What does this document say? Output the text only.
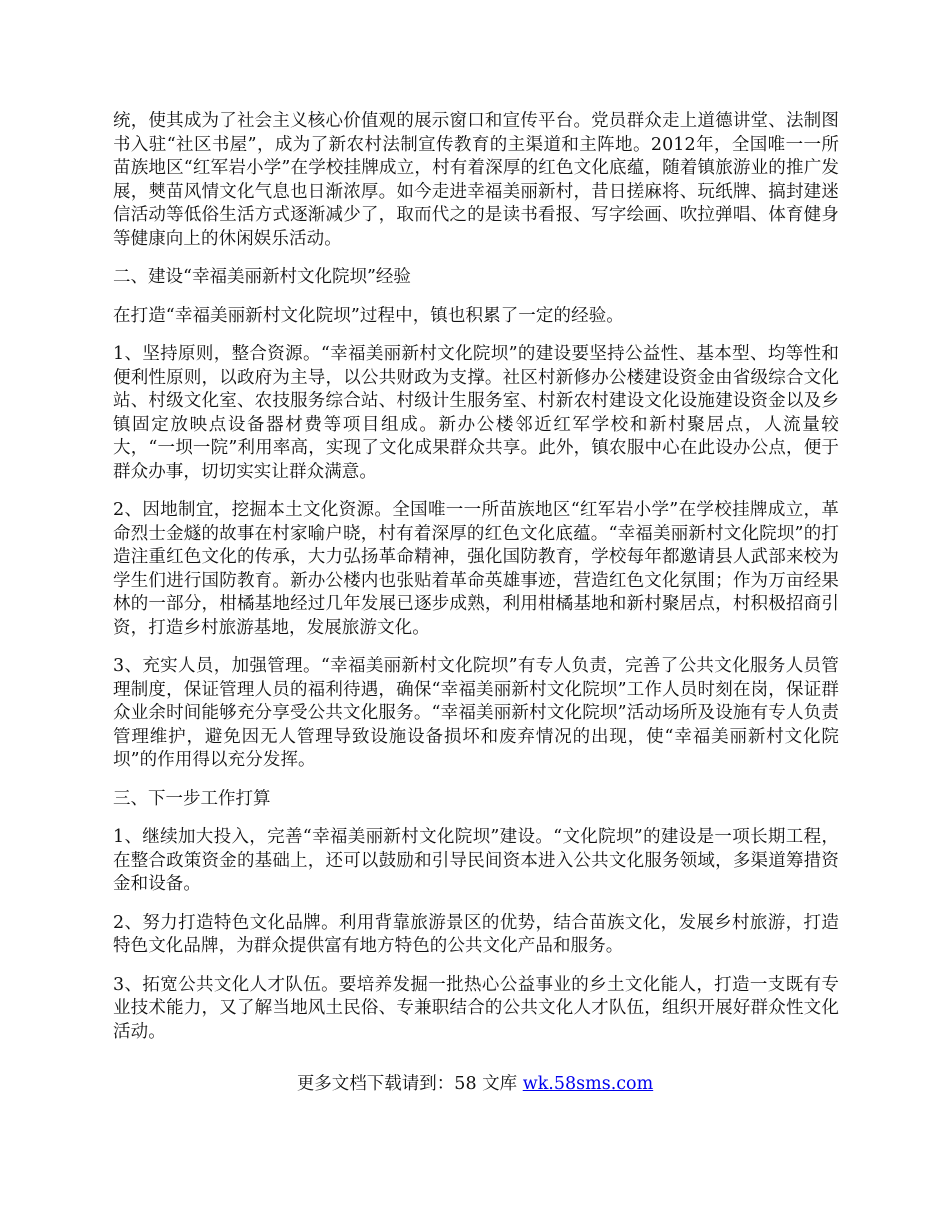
统，使其成为了社会主义核心价值观的展示窗口和宣传平台。党员群众走上道德讲堂、法制图书入驻“社区书屋”，成为了新农村法制宣传教育的主渠道和主阵地。2012年，全国唯一一所苗族地区“红军岩小学”在学校挂牌成立，村有着深厚的红色文化底蕴，随着镇旅游业的推广发展，僰苗风情文化气息也日渐浓厚。如今走进幸福美丽新村，昔日搓麻将、玩纸牌、搞封建迷信活动等低俗生活方式逐渐减少了，取而代之的是读书看报、写字绘画、吹拉弹唱、体育健身等健康向上的休闲娱乐活动。

二、建设“幸福美丽新村文化院坝”经验

在打造“幸福美丽新村文化院坝”过程中，镇也积累了一定的经验。

1、坚持原则，整合资源。“幸福美丽新村文化院坝”的建设要坚持公益性、基本型、均等性和便利性原则，以政府为主导，以公共财政为支撑。社区村新修办公楼建设资金由省级综合文化站、村级文化室、农技服务综合站、村级计生服务室、村新农村建设文化设施建设资金以及乡镇固定放映点设备器材费等项目组成。新办公楼邻近红军学校和新村聚居点，人流量较大，“一坝一院”利用率高，实现了文化成果群众共享。此外，镇农服中心在此设办公点，便于群众办事，切切实实让群众满意。

2、因地制宜，挖掘本土文化资源。全国唯一一所苗族地区“红军岩小学”在学校挂牌成立，革命烈士金燧的故事在村家喻户晓，村有着深厚的红色文化底蕴。“幸福美丽新村文化院坝”的打造注重红色文化的传承，大力弘扬革命精神，强化国防教育，学校每年都邀请县人武部来校为学生们进行国防教育。新办公楼内也张贴着革命英雄事迹，营造红色文化氛围；作为万亩经果林的一部分，柑橘基地经过几年发展已逐步成熟，利用柑橘基地和新村聚居点，村积极招商引资，打造乡村旅游基地，发展旅游文化。

3、充实人员，加强管理。“幸福美丽新村文化院坝”有专人负责，完善了公共文化服务人员管理制度，保证管理人员的福利待遇，确保“幸福美丽新村文化院坝”工作人员时刻在岗，保证群众业余时间能够充分享受公共文化服务。“幸福美丽新村文化院坝”活动场所及设施有专人负责管理维护，避免因无人管理导致设施设备损坏和废弃情况的出现，使“幸福美丽新村文化院坝”的作用得以充分发挥。

三、下一步工作打算

1、继续加大投入，完善“幸福美丽新村文化院坝”建设。“文化院坝”的建设是一项长期工程，在整合政策资金的基础上，还可以鼓励和引导民间资本进入公共文化服务领域，多渠道筹措资金和设备。

2、努力打造特色文化品牌。利用背靠旅游景区的优势，结合苗族文化，发展乡村旅游，打造特色文化品牌，为群众提供富有地方特色的公共文化产品和服务。

3、拓宽公共文化人才队伍。要培养发掘一批热心公益事业的乡土文化能人，打造一支既有专业技术能力，又了解当地风土民俗、专兼职结合的公共文化人才队伍，组织开展好群众性文化活动。

更多文档下载请到：58 文库 wk.58sms.com
